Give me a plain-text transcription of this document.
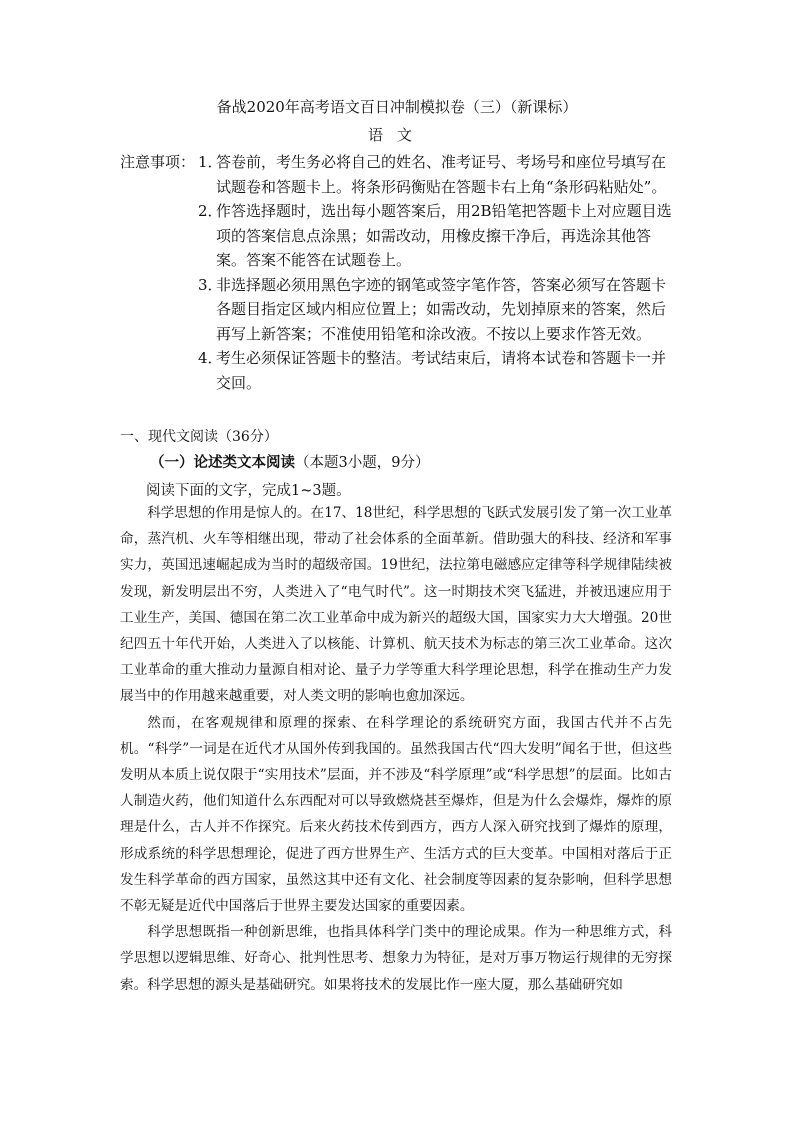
备战2020年高考语文百日冲制模拟卷（三）（新课标）
语文
注意事项： 1．
答卷前，考生务必将自己的姓名、准考证号、考场号和座位号填写在试题卷和答题卡上。将条形码衡贴在答题卡右上角“条形码粘贴处”。
2．
作答选择题时，选出每小题答案后，用2B铅笔把答题卡上对应题目选项的答案信息点涂黑；如需改动，用橡皮擦干净后，再选涂其他答案。答案不能答在试题卷上。
3．
非选择题必须用黑色字迹的钢笔或签字笔作答，答案必须写在答题卡各题目指定区域内相应位置上；如需改动，先划掉原来的答案，然后再写上新答案；不准使用铅笔和涂改液。不按以上要求作答无效。
4．
考生必须保证答题卡的整洁。考试结束后，请将本试卷和答题卡一并交回。
一、现代文阅读（36分）
（一）论述类文本阅读（本题3小题，9分）
阅读下面的文字，完成1~3题。

科学思想的作用是惊人的。在17、18世纪，科学思想的飞跃式发展引发了第一次工业革命，蒸汽机、火车等相继出现，带动了社会体系的全面革新。借助强大的科技、经济和军事实力，英国迅速崛起成为当时的超级帝国。19世纪，法拉第电磁感应定律等科学规律陆续被发现，新发明层出不穷，人类进入了“电气时代”。这一时期技术突飞猛进，并被迅速应用于工业生产，美国、德国在第二次工业革命中成为新兴的超级大国，国家实力大大增强。20世纪四五十年代开始，人类进入了以核能、计算机、航天技术为标志的第三次工业革命。这次工业革命的重大推动力量源自相对论、量子力学等重大科学理论思想，科学在推动生产力发展当中的作用越来越重要，对人类文明的影响也愈加深远。

然而，在客观规律和原理的探索、在科学理论的系统研究方面，我国古代并不占先机。“科学”一词是在近代才从国外传到我国的。虽然我国古代“四大发明”闻名于世，但这些发明从本质上说仅限于“实用技术”层面，并不涉及“科学原理”或“科学思想”的层面。比如古人制造火药，他们知道什么东西配对可以导致燃烧甚至爆炸，但是为什么会爆炸，爆炸的原理是什么，古人并不作探究。后来火药技术传到西方，西方人深入研究找到了爆炸的原理，形成系统的科学思想理论，促进了西方世界生产、生活方式的巨大变革。中国相对落后于正发生科学革命的西方国家，虽然这其中还有文化、社会制度等因素的复杂影响，但科学思想不彰无疑是近代中国落后于世界主要发达国家的重要因素。

科学思想既指一种创新思维，也指具体科学门类中的理论成果。作为一种思维方式，科学思想以逻辑思维、好奇心、批判性思考、想象力为特征，是对万事万物运行规律的无穷探索。科学思想的源头是基础研究。如果将技术的发展比作一座大厦，那么基础研究如
